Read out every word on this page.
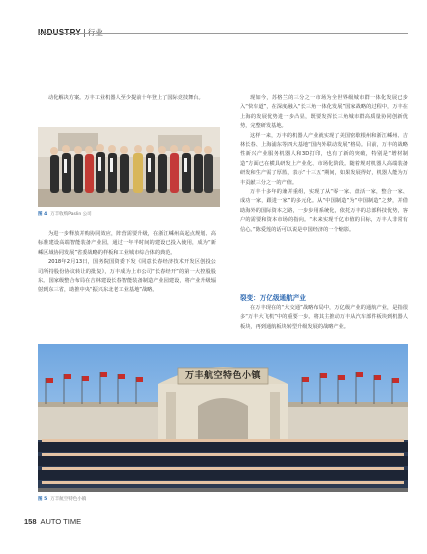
动化解决方案。万丰工业机器人至少提前十年登上了国际竞技舞台。

图 4 万丰收购Paslin 公司

为进一步释放并购协同效应，阵营需要升级，在浙江嵊州高起点规划、高标准建设高端智能装备产业园，通过一年半时间的建设已投入使用，成为“新嵊区域协同发展”省委战略的样板和工业城市综合体的典范。

2018年2月13日，国务院国资委下发《同意长春经济技术开发区创投公司所持股份协议转让的批复》，万丰成为上市公司“长春经开”的第一大控股股东。国家级整合布局在吉林建设长春智能装备制造产业园建设，将产业升级辐射到东三省，助推中央“振兴东北老工业基地”战略。

现如今，苏格兰的三分之一市场为全世界级城市群一体化发展已步入“快车道”，在深度融入“长三角一体化发展”国家战略的过程中，万丰在上海的发展优势进一步凸显，既要发挥长三角城市群高质量协同创新优势，完整研发基地。

这样一来，万丰的机器人产业就实现了美国密歇根州和浙江嵊州、吉林长春、上海浦东等四大基地“国内外联动发展”格局。目前，万丰的战略性新兴产业服务机器人和3D打印，也有了新的突破，特别是“增材制造”方面已在横具研发上产业化、市场化阶段。随着规对机器人高端装备研发和生产需了厚篮，表示“十三五”期间，如果发展得好，机器人能为万丰贡献三分之一的产值。

万丰十多年的兼并重组，实现了从“零一家、盘活一家，整合一家、成功一家，跟进一家”的多元化。从“中国制造”为“中国制造”之梦，并借助海外的国际资本之路，一步步用系统化，依托万丰的总部科技优势，客户的需要和资本市场的指向。“未来实现千亿市值的目标，万丰人非常有信心。”陈爱莲的话可以说是中国经济的一个缩影。

裂变：万亿级通航产业

在万丰现在的“大交通”战略布局中，万亿级产业的通航产业，是指很多“万丰大飞机”中的重要一步。将其主推动万丰从汽车部件板块到机器人板块，再到通航板块转型升级发展的战略产业。

万丰航空特色小镇
图 5 万丰航空特色小镇
158 AUTO TIME
